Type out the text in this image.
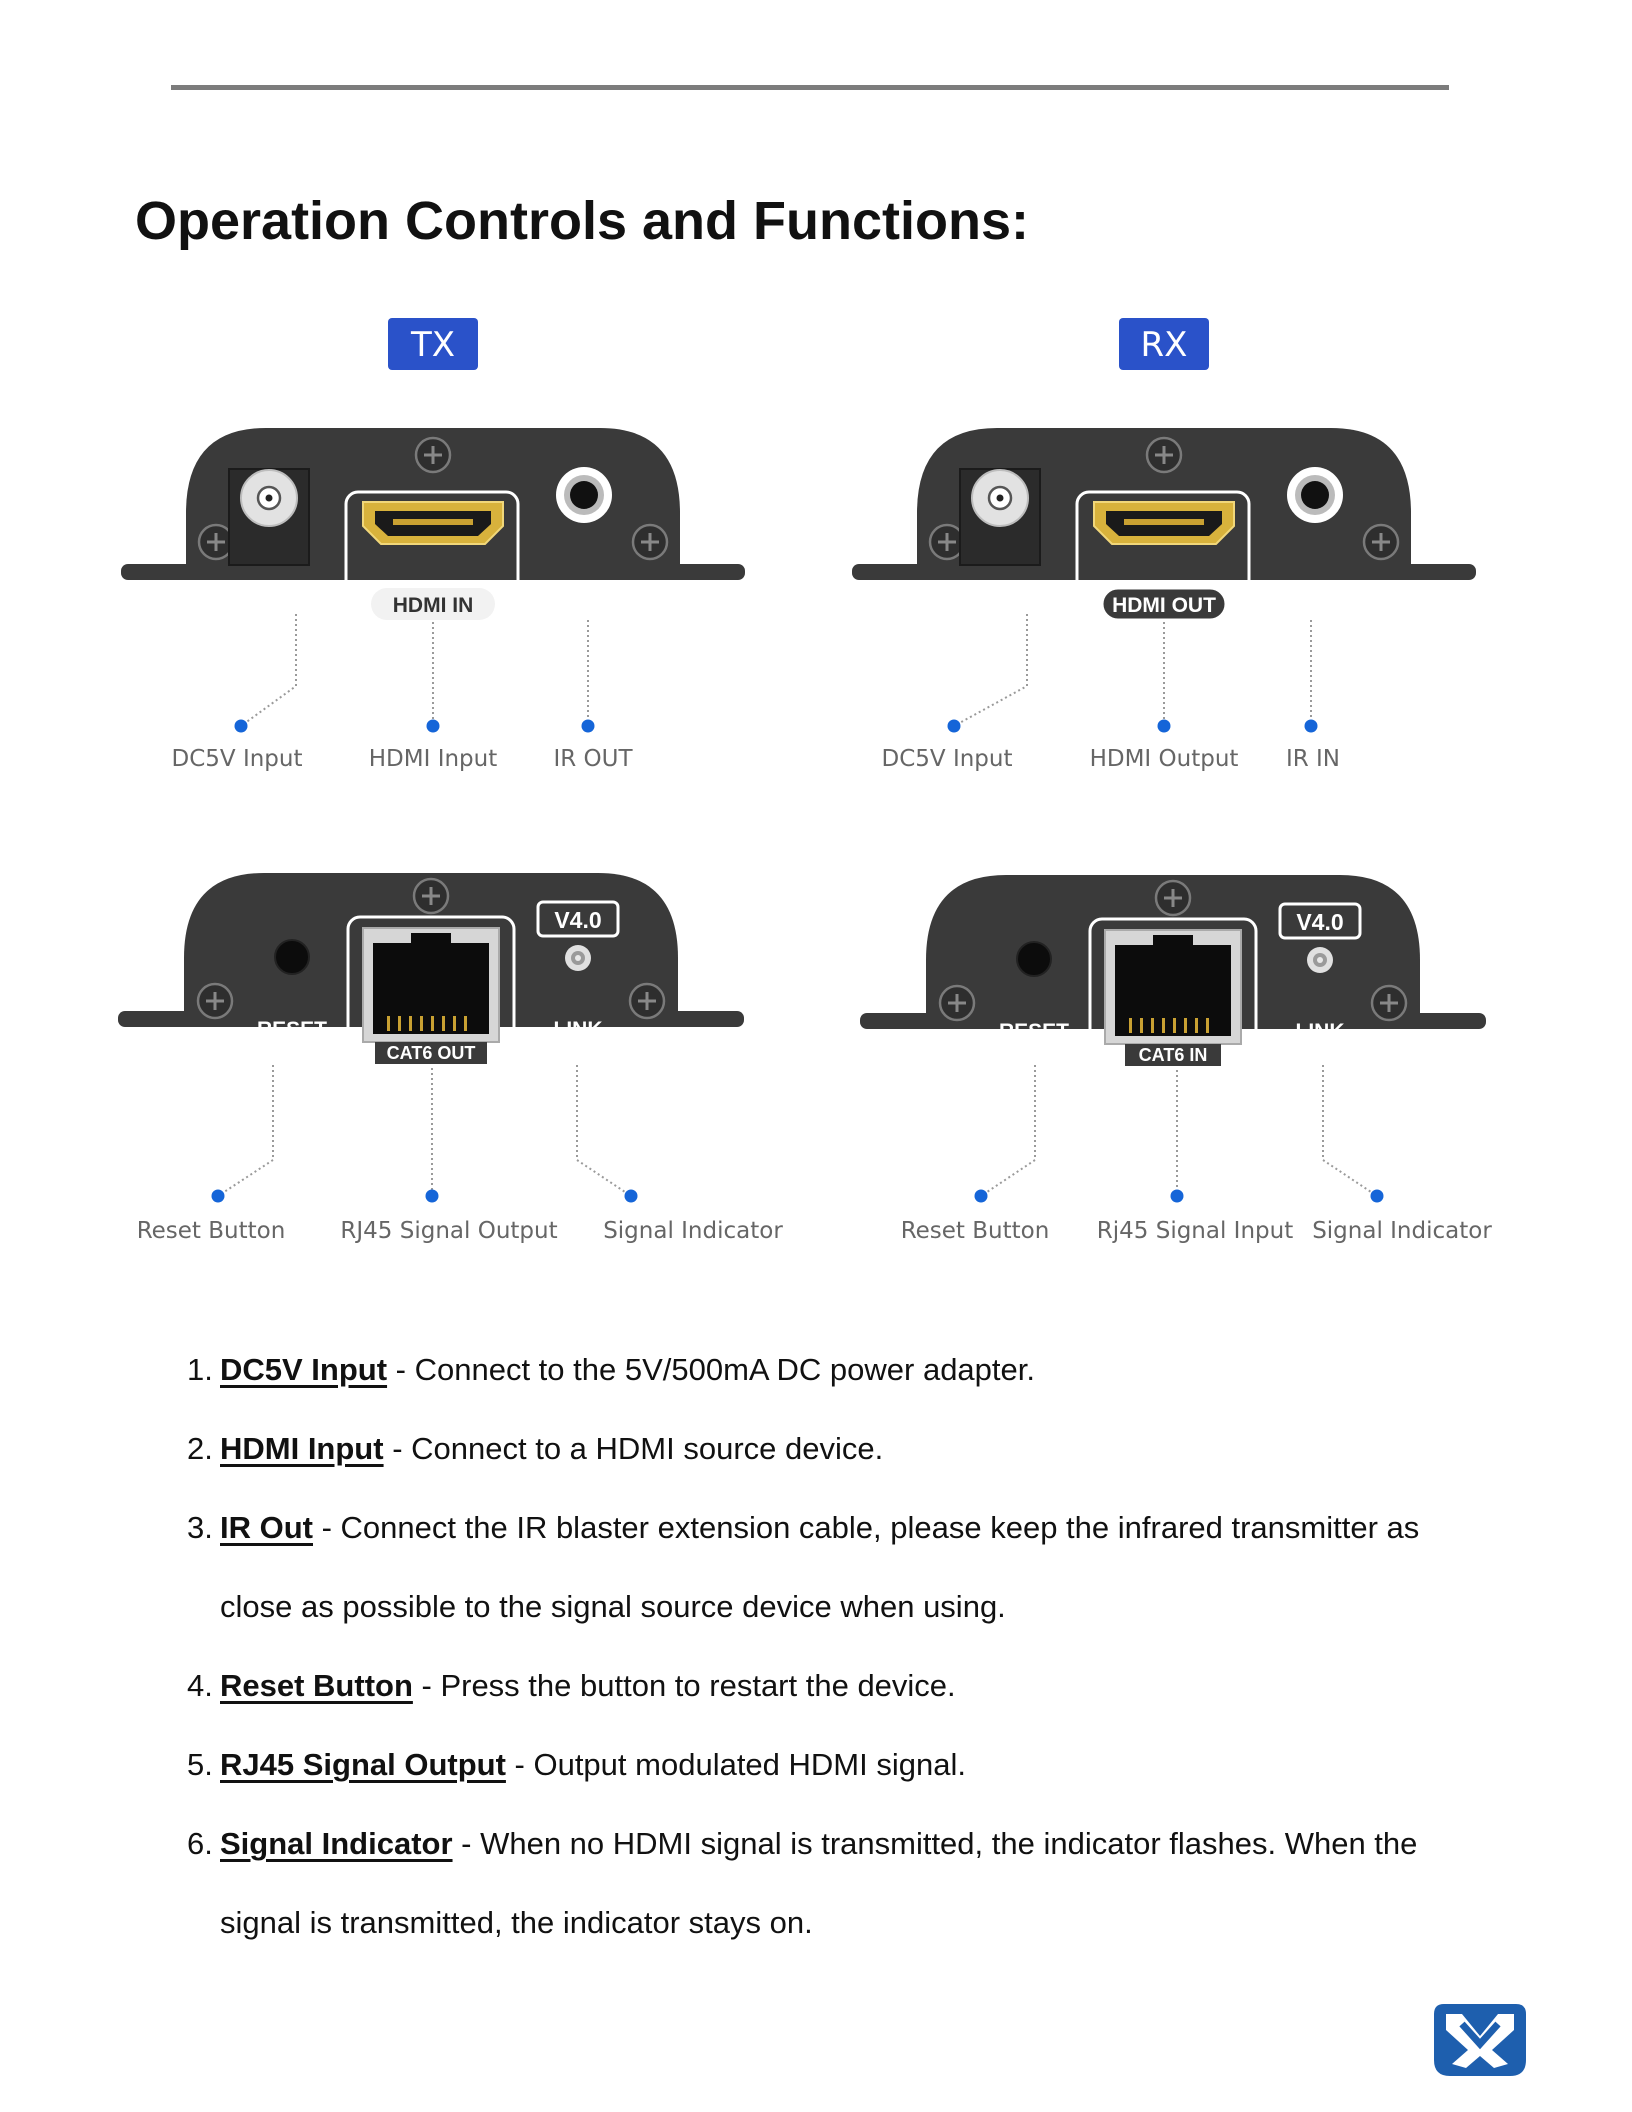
Operation Controls and Functions:
TX
DC 5V	HDMI IN	IR OUT
DC5V Input	HDMI Input IR OUT
RX
DC 5V	HDMI OUT	IR IN
DC5V Input	HDMI Output IR IN
V4.0
RESET	LINK
CAT6 OUT
Reset Button RJ45 Signal Output Signal Indicator
V4.0
RESET	LINK
CAT6 IN
Reset Button Rj45 Signal Input Signal Indicator
1. DC5V Input - Connect to the 5V/500mA DC power adapter.
2. HDMI Input - Connect to a HDMI source device.
3. IR Out - Connect the IR blaster extension cable, please keep the infrared transmitter as close as possible to the signal source device when using.
4. Reset Button - Press the button to restart the device.
5. RJ45 Signal Output - Output modulated HDMI signal.
6. Signal Indicator - When no HDMI signal is transmitted, the indicator flashes. When the signal is transmitted, the indicator stays on.
